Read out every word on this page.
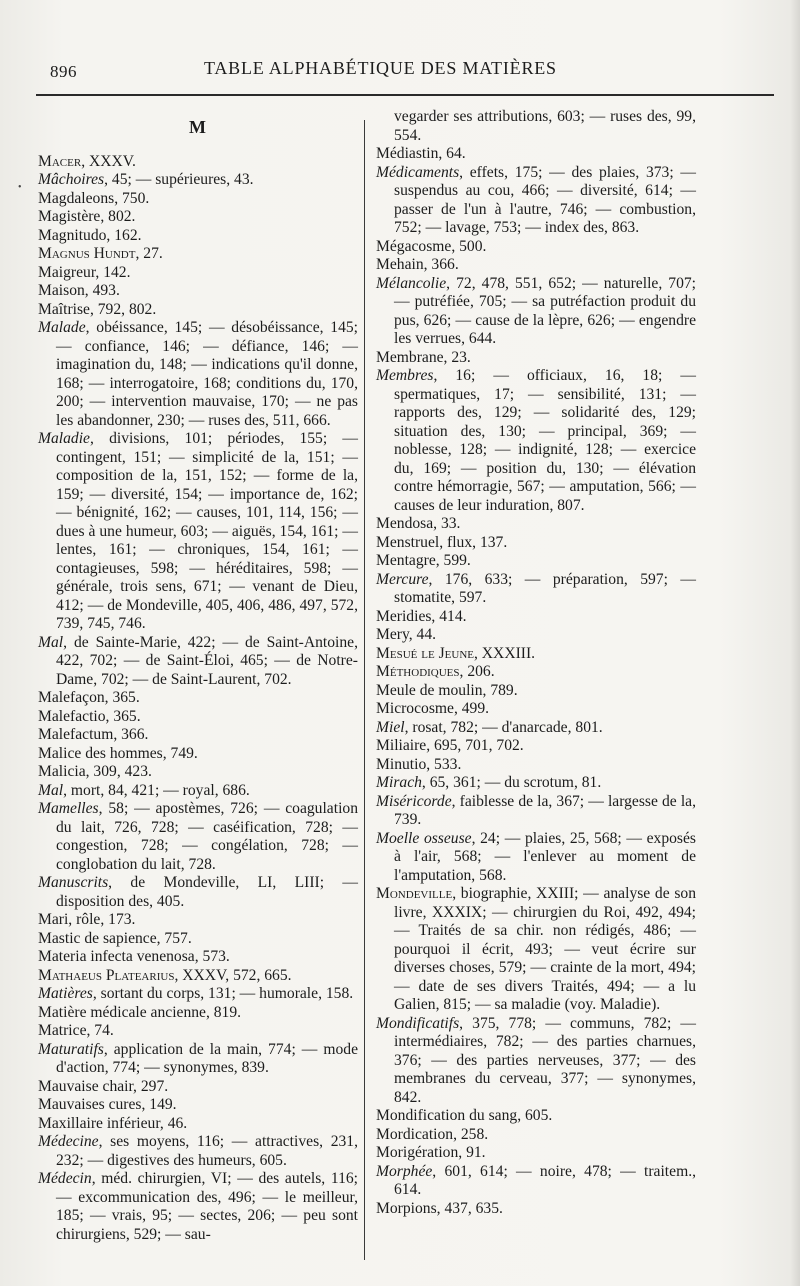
896	TABLE ALPHABÉTIQUE DES MATIÈRES
•
M

Macer, XXXV.

Mâchoires, 45; — supérieures, 43.

Magdaleons, 750.

Magistère, 802.

Magnitudo, 162.

Magnus Hundt, 27.

Maigreur, 142.

Maison, 493.

Maîtrise, 792, 802.

Malade, obéissance, 145; — désobéissance, 145; — confiance, 146; — défiance, 146; — imagination du, 148; — indications qu'il donne, 168; — interrogatoire, 168; conditions du, 170, 200; — intervention mauvaise, 170; — ne pas les abandonner, 230; — ruses des, 511, 666.

Maladie, divisions, 101; périodes, 155; — contingent, 151; — simplicité de la, 151; — composition de la, 151, 152; — forme de la, 159; — diversité, 154; — importance de, 162; — bénignité, 162; — causes, 101, 114, 156; — dues à une humeur, 603; — aiguës, 154, 161; — lentes, 161; — chroniques, 154, 161; — contagieuses, 598; — héréditaires, 598; — générale, trois sens, 671; — venant de Dieu, 412; — de Mondeville, 405, 406, 486, 497, 572, 739, 745, 746.

Mal, de Sainte-Marie, 422; — de Saint-Antoine, 422, 702; — de Saint-Éloi, 465; — de Notre-Dame, 702; — de Saint-Laurent, 702.

Malefaçon, 365.

Malefactio, 365.

Malefactum, 366.

Malice des hommes, 749.

Malicia, 309, 423.

Mal, mort, 84, 421; — royal, 686.

Mamelles, 58; — apostèmes, 726; — coagulation du lait, 726, 728; — caséification, 728; — congestion, 728; — congélation, 728; — conglobation du lait, 728.

Manuscrits, de Mondeville, LI, LIII; — disposition des, 405.

Mari, rôle, 173.

Mastic de sapience, 757.

Materia infecta venenosa, 573.

Mathaeus Platearius, XXXV, 572, 665.

Matières, sortant du corps, 131; — humorale, 158.

Matière médicale ancienne, 819.

Matrice, 74.

Maturatifs, application de la main, 774; — mode d'action, 774; — synonymes, 839.

Mauvaise chair, 297.

Mauvaises cures, 149.

Maxillaire inférieur, 46.

Médecine, ses moyens, 116; — attractives, 231, 232; — digestives des humeurs, 605.

Médecin, méd. chirurgien, VI; — des autels, 116; — excommunication des, 496; — le meilleur, 185; — vrais, 95; — sectes, 206; — peu sont chirurgiens, 529; — sau-

vegarder ses attributions, 603; — ruses des, 99, 554.

Médiastin, 64.

Médicaments, effets, 175; — des plaies, 373; — suspendus au cou, 466; — diversité, 614; — passer de l'un à l'autre, 746; — combustion, 752; — lavage, 753; — index des, 863.

Mégacosme, 500.

Mehain, 366.

Mélancolie, 72, 478, 551, 652; — naturelle, 707; — putréfiée, 705; — sa putréfaction produit du pus, 626; — cause de la lèpre, 626; — engendre les verrues, 644.

Membrane, 23.

Membres, 16; — officiaux, 16, 18; — spermatiques, 17; — sensibilité, 131; — rapports des, 129; — solidarité des, 129; situation des, 130; — principal, 369; — noblesse, 128; — indignité, 128; — exercice du, 169; — position du, 130; — élévation contre hémorragie, 567; — amputation, 566; — causes de leur induration, 807.

Mendosa, 33.

Menstruel, flux, 137.

Mentagre, 599.

Mercure, 176, 633; — préparation, 597; — stomatite, 597.

Meridies, 414.

Mery, 44.

Mesué le Jeune, XXXIII.

Méthodiques, 206.

Meule de moulin, 789.

Microcosme, 499.

Miel, rosat, 782; — d'anarcade, 801.

Miliaire, 695, 701, 702.

Minutio, 533.

Mirach, 65, 361; — du scrotum, 81.

Miséricorde, faiblesse de la, 367; — largesse de la, 739.

Moelle osseuse, 24; — plaies, 25, 568; — exposés à l'air, 568; — l'enlever au moment de l'amputation, 568.

Mondeville, biographie, XXIII; — analyse de son livre, XXXIX; — chirurgien du Roi, 492, 494; — Traités de sa chir. non rédigés, 486; — pourquoi il écrit, 493; — veut écrire sur diverses choses, 579; — crainte de la mort, 494; — date de ses divers Traités, 494; — a lu Galien, 815; — sa maladie (voy. Maladie).

Mondificatifs, 375, 778; — communs, 782; — intermédiaires, 782; — des parties charnues, 376; — des parties nerveuses, 377; — des membranes du cerveau, 377; — synonymes, 842.

Mondification du sang, 605.

Mordication, 258.

Morigération, 91.

Morphée, 601, 614; — noire, 478; — traitem., 614.

Morpions, 437, 635.
